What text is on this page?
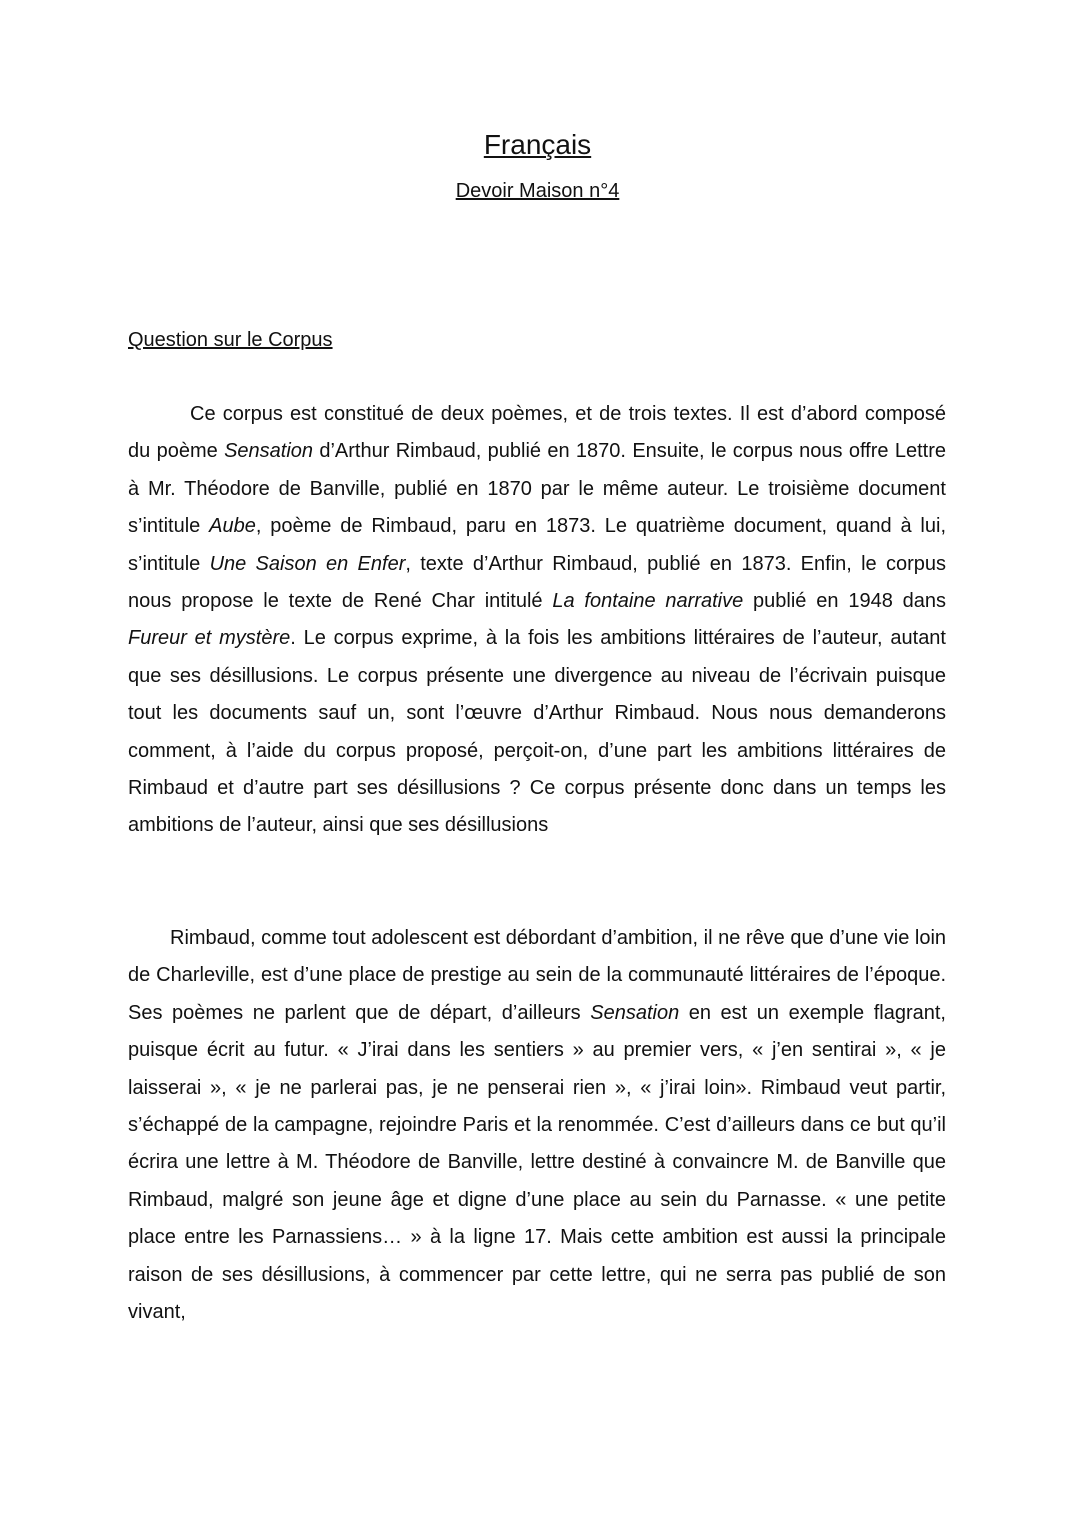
Français
Devoir Maison n°4
Question sur le Corpus

Ce corpus est constitué de deux poèmes, et de trois textes. Il est d’abord composé du poème Sensation d’Arthur Rimbaud, publié en 1870. Ensuite, le corpus nous offre Lettre à Mr. Théodore de Banville, publié en 1870 par le même auteur. Le troisième document s’intitule Aube, poème de Rimbaud, paru en 1873. Le quatrième document, quand à lui, s’intitule Une Saison en Enfer, texte d’Arthur Rimbaud, publié en 1873. Enfin, le corpus nous propose le texte de René Char intitulé La fontaine narrative publié en 1948 dans Fureur et mystère. Le corpus exprime, à la fois les ambitions littéraires de l’auteur, autant que ses désillusions. Le corpus présente une divergence au niveau de l’écrivain puisque tout les documents sauf un, sont l’œuvre d’Arthur Rimbaud. Nous nous demanderons comment, à l’aide du corpus proposé, perçoit-on, d’une part les ambitions littéraires de Rimbaud et d’autre part ses désillusions ? Ce corpus présente donc dans un temps les ambitions de l’auteur, ainsi que ses désillusions

Rimbaud, comme tout adolescent est débordant d’ambition, il ne rêve que d’une vie loin de Charleville, est d’une place de prestige au sein de la communauté littéraires de l’époque. Ses poèmes ne parlent que de départ, d’ailleurs Sensation en est un exemple flagrant, puisque écrit au futur. « J’irai dans les sentiers » au premier vers, « j’en sentirai », « je laisserai », « je ne parlerai pas, je ne penserai rien », « j’irai loin». Rimbaud veut partir, s’échappé de la campagne, rejoindre Paris et la renommée. C’est d’ailleurs dans ce but qu’il écrira une lettre à M. Théodore de Banville, lettre destiné à convaincre M. de Banville que Rimbaud, malgré son jeune âge et digne d’une place au sein du Parnasse. « une petite place entre les Parnassiens… » à la ligne 17. Mais cette ambition est aussi la principale raison de ses désillusions, à commencer par cette lettre, qui ne serra pas publié de son vivant,
